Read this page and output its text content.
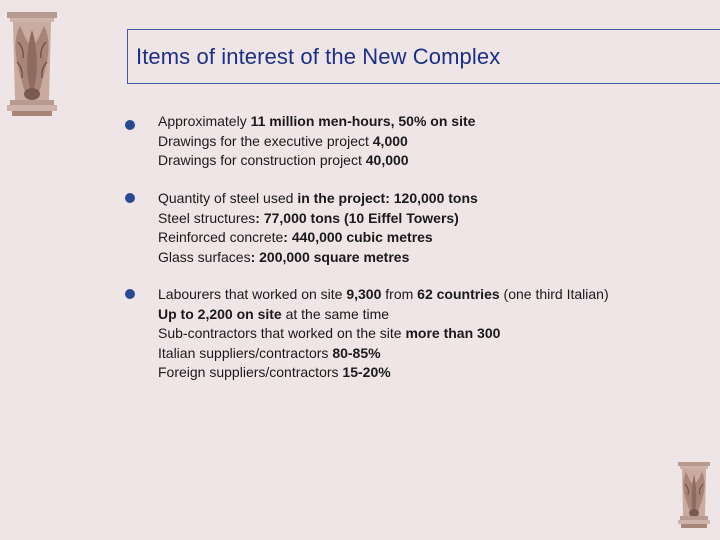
Items of interest of the New Complex
Approximately 11 million men-hours, 50% on site
Drawings for the executive project 4,000
Drawings for construction project 40,000
Quantity of steel used in the project: 120,000 tons
Steel structures: 77,000 tons (10 Eiffel Towers)
Reinforced concrete: 440,000 cubic metres
Glass surfaces: 200,000 square metres
Labourers that worked on site 9,300 from 62 countries (one third Italian)
Up to 2,200 on site at the same time
Sub-contractors that worked on the site more than 300
Italian suppliers/contractors 80-85%
Foreign suppliers/contractors 15-20%
